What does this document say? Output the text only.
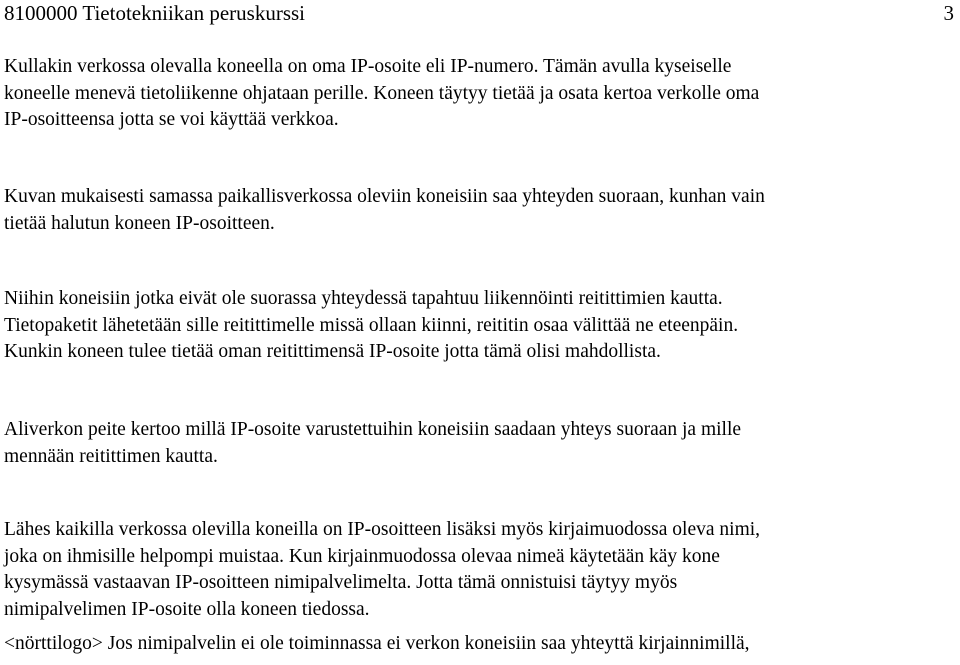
8100000 Tietotekniikan peruskurssi	3
Kullakin verkossa olevalla koneella on oma IP-osoite eli IP-numero. Tämän avulla kyseiselle
koneelle menevä tietoliikenne ohjataan perille. Koneen täytyy tietää ja osata kertoa verkolle oma
IP-osoitteensa jotta se voi käyttää verkkoa.
Kuvan mukaisesti samassa paikallisverkossa oleviin koneisiin saa yhteyden suoraan, kunhan vain
tietää halutun koneen IP-osoitteen.
Niihin koneisiin jotka eivät ole suorassa yhteydessä tapahtuu liikennöinti reitittimien kautta.
Tietopaketit lähetetään sille reitittimelle missä ollaan kiinni, reititin osaa välittää ne eteenpäin.
Kunkin koneen tulee tietää oman reitittimensä IP-osoite jotta tämä olisi mahdollista.
Aliverkon peite kertoo millä IP-osoite varustettuihin koneisiin saadaan yhteys suoraan ja mille
mennään reitittimen kautta.
Lähes kaikilla verkossa olevilla koneilla on IP-osoitteen lisäksi myös kirjaimuodossa oleva nimi,
joka on ihmisille helpompi muistaa. Kun kirjainmuodossa olevaa nimeä käytetään käy kone
kysymässä vastaavan IP-osoitteen nimipalvelimelta. Jotta tämä onnistuisi täytyy myös
nimipalvelimen IP-osoite olla koneen tiedossa.
<nörttilogo> Jos nimipalvelin ei ole toiminnassa ei verkon koneisiin saa yhteyttä kirjainnimillä,
